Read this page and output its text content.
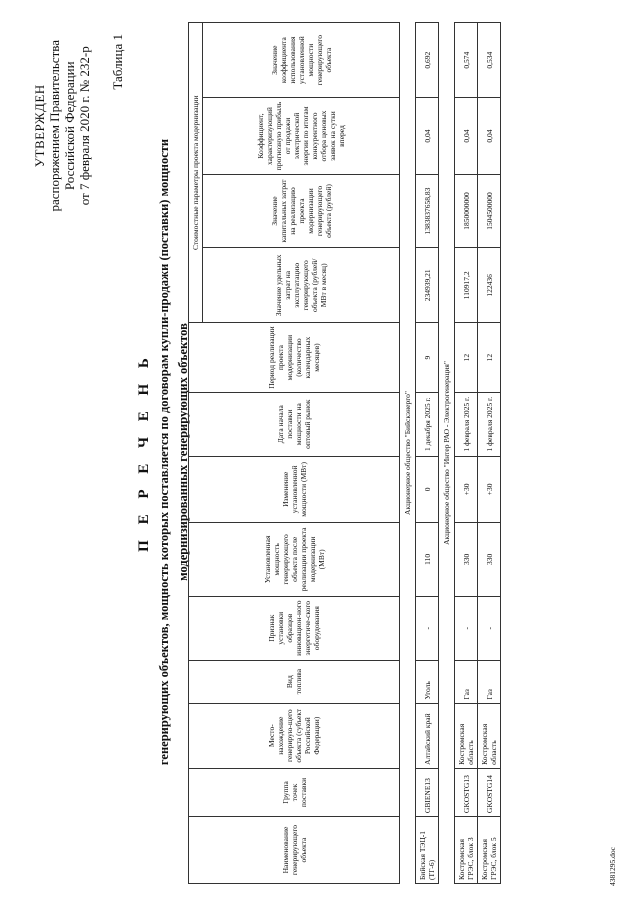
УТВЕРЖДЕН распоряжением Правительства Российской Федерации от 7 февраля 2020 г. № 232-р Таблица 1
П Е Р Е Ч Е Н Ь генерирующих объектов, мощность которых поставляется по договорам купли-продажи (поставки) мощности модернизированных генерирующих объектов
Наименование генерирующего объекта	Группа точек поставки	Место-нахождение генерирую-щего объекта (субъект Российской Федерации)	Вид топлива	Признак установки образцов инновацион-ного энергетиче-ского оборудования	Установленная мощность генерирующего объекта после реализации проекта модернизации (МВт)	Изменение установленной мощности (МВт)	Дата начала поставки мощности на оптовый рынок	Период реализации проекта модернизации (количество календарных месяцев)	Стоимостные параметры проекта модернизации			
									Значение удельных затрат на эксплуатацию генерирующего объекта (рублей/МВт в месяц)	Значение капитальных затрат на реализацию проекта модернизации генерирующего объекта (рублей)	Коэффициент, характеризующий прогнозную прибыль от продажи электрической энергии по итогам конкурентного отбора ценовых заявок на сутки вперед	Значение коэффициента использования установленной мощности генерирующего объекта
Акционерное общество "Бийскэнерго"												
Бийская ТЭЦ-1 (ТГ-6)	GBIENE13	Алтайский край	Уголь	-	110	0	1 декабря 2025 г.	9	234939,21	1383837658,83	0,04	0,692
Акционерное общество "Интер РАО - Электрогенерация"												
Костромская ГРЭС, блок 3	GKOSTG13	Костромская область	Газ	-	330	+30	1 февраля 2025 г.	12	110917,2	1850000000	0,04	0,574
Костромская ГРЭС, блок 5	GKOSTG14	Костромская область	Газ	-	330	+30	1 февраля 2025 г.	12	122436	1504500000	0,04	0,534
4381295.doc
